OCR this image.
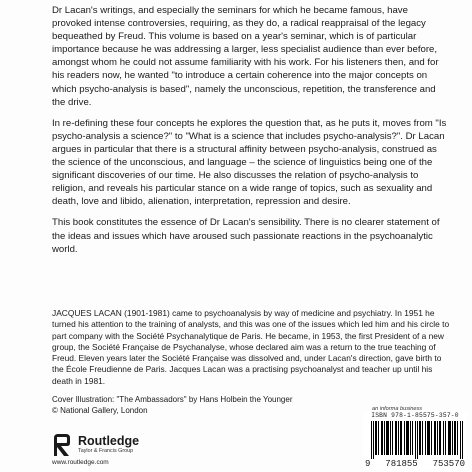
Dr Lacan's writings, and especially the seminars for which he became famous, have provoked intense controversies, requiring, as they do, a radical reappraisal of the legacy bequeathed by Freud. This volume is based on a year's seminar, which is of particular importance because he was addressing a larger, less specialist audience than ever before, amongst whom he could not assume familiarity with his work. For his listeners then, and for his readers now, he wanted "to introduce a certain coherence into the major concepts on which psycho-analysis is based", namely the unconscious, repetition, the transference and the drive.

In re-defining these four concepts he explores the question that, as he puts it, moves from "Is psycho-analysis a science?" to "What is a science that includes psycho-analysis?". Dr Lacan argues in particular that there is a structural affinity between psycho-analysis, construed as the science of the unconscious, and language – the science of linguistics being one of the significant discoveries of our time. He also discusses the relation of psycho-analysis to religion, and reveals his particular stance on a wide range of topics, such as sexuality and death, love and libido, alienation, interpretation, repression and desire.

This book constitutes the essence of Dr Lacan's sensibility. There is no clearer statement of the ideas and issues which have aroused such passionate reactions in the psychoanalytic world.

JACQUES LACAN (1901-1981) came to psychoanalysis by way of medicine and psychiatry. In 1951 he turned his attention to the training of analysts, and this was one of the issues which led him and his circle to part company with the Société Psychanalytique de Paris. He became, in 1953, the first President of a new group, the Société Française de Psychanalyse, whose declared aim was a return to the true teaching of Freud. Eleven years later the Société Française was dissolved and, under Lacan's direction, gave birth to the École Freudienne de Paris. Jacques Lacan was a practising psychoanalyst and teacher up until his death in 1981.

Cover Illustration: "The Ambassadors" by Hans Holbein the Younger
© National Gallery, London
Routledge
Taylor & Francis Group
www.routledge.com
an informa business
ISBN 978-1-85575-357-0
9 781855 753570
